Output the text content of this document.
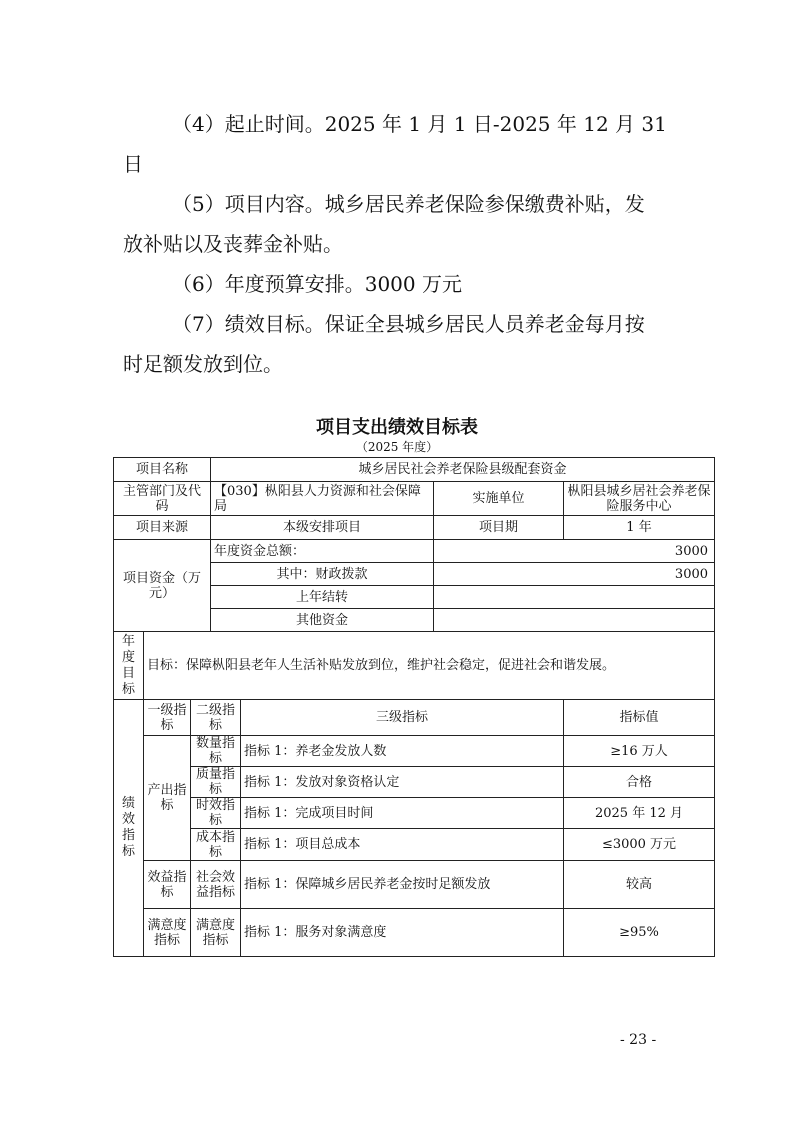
（4）起止时间。2025 年 1 月 1 日-2025 年 12 月 31
日
（5）项目内容。城乡居民养老保险参保缴费补贴，发
放补贴以及丧葬金补贴。
（6）年度预算安排。3000 万元
（7）绩效目标。保证全县城乡居民人员养老金每月按
时足额发放到位。
项目支出绩效目标表
（2025 年度）
项目名称			城乡居民社会养老保险县级配套资金			
主管部门及代码			【030】枞阳县人力资源和社会保障局		实施单位	枞阳县城乡居社会养老保险服务中心
项目来源			本级安排项目		项目期	1 年
项目资金（万元）			年度资金总额：		3000	
			其中：财政拨款		3000	
			上年结转			
			其他资金			
年度目标	目标：保障枞阳县老年人生活补贴发放到位，维护社会稳定，促进社会和谐发展。					
绩效指标	一级指标	二级指标		三级指标		指标值
	产出指标	数量指标		指标 1：养老金发放人数		≥16 万人
		质量指标		指标 1：发放对象资格认定		合格
		时效指标		指标 1：完成项目时间		2025 年 12 月
		成本指标		指标 1：项目总成本		≤3000 万元
	效益指标	社会效益指标		指标 1：保障城乡居民养老金按时足额发放		较高
	满意度指标	满意度指标		指标 1：服务对象满意度		≥95%
- 23 -
